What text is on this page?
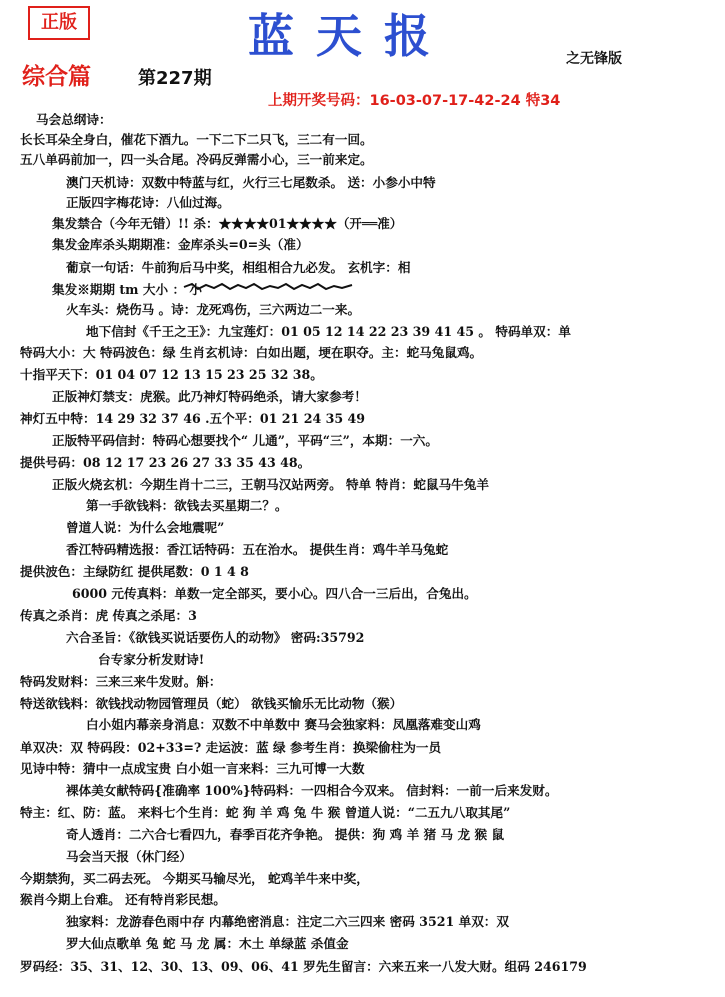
正版	蓝天报	之无锋版
综合篇	第227期
上期开奖号码：16-03-07-17-42-24 特34
马会总纲诗：
长长耳朵全身白，催花下酒九。一下二下二只飞，三二有一回。
五八单码前加一，四一头合尾。冷码反弹需小心，三一前来定。
澳门天机诗：双数中特蓝与红，火行三七尾数杀。 送：小参小中特
正版四字梅花诗：八仙过海。
集发禁合（今年无错）!! 杀：★★★★01★★★★（开══准）
集发金库杀头期期准：金库杀头=0=头（准）
葡京一句话：牛前狗后马中奖，相组相合九必发。 玄机字：相
集发※期期 tm 大小 ： 小
火车头：烧伤马 。诗：龙死鸡伤，三六两边二一来。
地下信封《千王之王》：九宝莲灯：01 05 12 14 22 23 39 41 45 。 特码单双：单
特码大小：大 特码波色：绿 生肖玄机诗：白如出题，埂在职夺。主：蛇马兔鼠鸡。
十指平天下：01 04 07 12 13 15 23 25 32 38。
正版神灯禁支：虎猴。此乃神灯特码绝杀，请大家参考！
神灯五中特：14 29 32 37 46 .五个平：01 21 24 35 49
正版特平码信封：特码心想要找个“ 儿通”，平码“三”，本期：一六。
提供号码：08 12 17 23 26 27 33 35 43 48。
正版火烧玄机：今期生肖十二三，王朝马汉站两旁。 特单 特肖：蛇鼠马牛兔羊
第一手欲钱料：欲钱去买星期二？。
曾道人说：为什么会地震呢”
香江特码精选报：香江话特码：五在治水。 提供生肖：鸡牛羊马兔蛇
提供波色：主绿防红 提供尾数：0 1 4 8
6000 元传真料：单数一定全部买，要小心。四八合一三后出，合兔出。
传真之杀肖：虎 传真之杀尾：3
六合圣旨：《欲钱买说话要伤人的动物》 密码:35792
台专家分析发财诗!
特码发财料：三来三来牛发财。斛：
特送欲钱料：欲钱找动物园管理员（蛇） 欲钱买愉乐无比动物（猴）
白小姐内幕亲身消息：双数不中单数中 赛马会独家料：凤凰落难变山鸡
单双决：双 特码段：02+33=? 走运波：蓝 绿 参考生肖：换梁偷柱为一员
见诗中特：猜中一点成宝贵 白小姐一言来料：三九可博一大数
裸体美女献特码{准确率 100%}特码料：一四相合今双来。 信封料：一前一后来发财。
特主：红、防：蓝。 来料七个生肖：蛇 狗 羊 鸡 兔 牛 猴 曾道人说：“二五九八取其尾”
奇人透肖：二六合七看四九，春季百花齐争艳。 提供：狗 鸡 羊 猪 马 龙 猴 鼠
马会当天报（休门经）
今期禁狗，买二码去死。 今期买马输尽光， 蛇鸡羊牛来中奖，
猴肖今期上台难。 还有特肖彩民想。
独家料：龙游春色雨中存 内幕绝密消息：注定二六三四来 密码 3521 单双：双
罗大仙点歌单 兔 蛇 马 龙 属：木土 单绿蓝 杀值金
罗码经：35、31、12、30、13、09、06、41 罗先生留言：六来五来一八发大财。组码 246179
